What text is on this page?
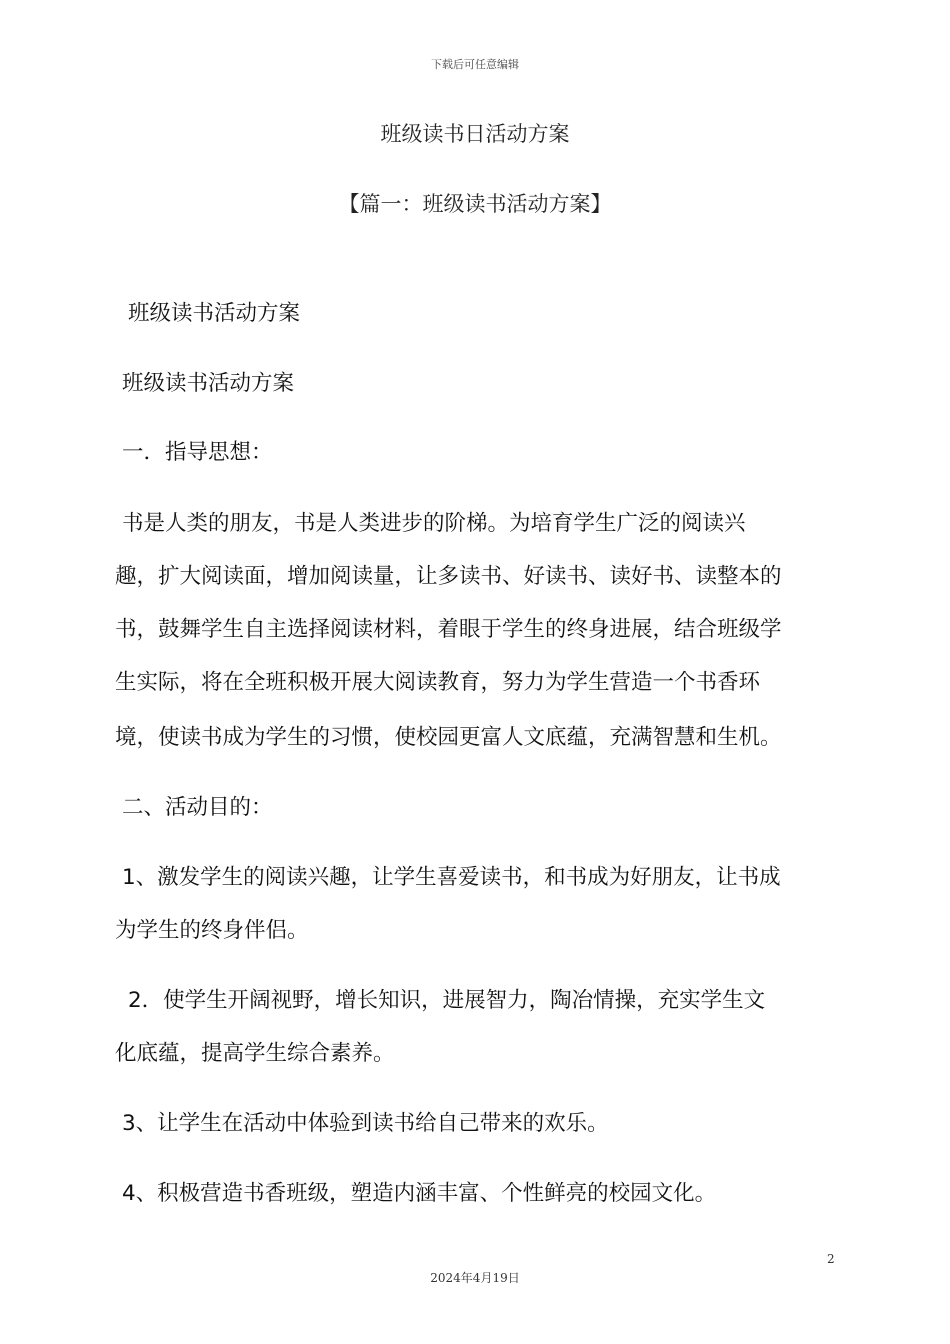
下载后可任意编辑
班级读书日活动方案
【篇一：班级读书活动方案】
班级读书活动方案
班级读书活动方案
一．指导思想：
书是人类的朋友，书是人类进步的阶梯。为培育学生广泛的阅读兴
趣，扩大阅读面，增加阅读量，让多读书、好读书、读好书、读整本的
书，鼓舞学生自主选择阅读材料，着眼于学生的终身进展，结合班级学
生实际，将在全班积极开展大阅读教育，努力为学生营造一个书香环
境，使读书成为学生的习惯，使校园更富人文底蕴，充满智慧和生机。
二、活动目的：
1、激发学生的阅读兴趣，让学生喜爱读书，和书成为好朋友，让书成
为学生的终身伴侣。
2．使学生开阔视野，增长知识，进展智力，陶冶情操，充实学生文
化底蕴，提高学生综合素养。
3、让学生在活动中体验到读书给自己带来的欢乐。
4、积极营造书香班级，塑造内涵丰富、个性鲜亮的校园文化。
2
2024年4月19日
